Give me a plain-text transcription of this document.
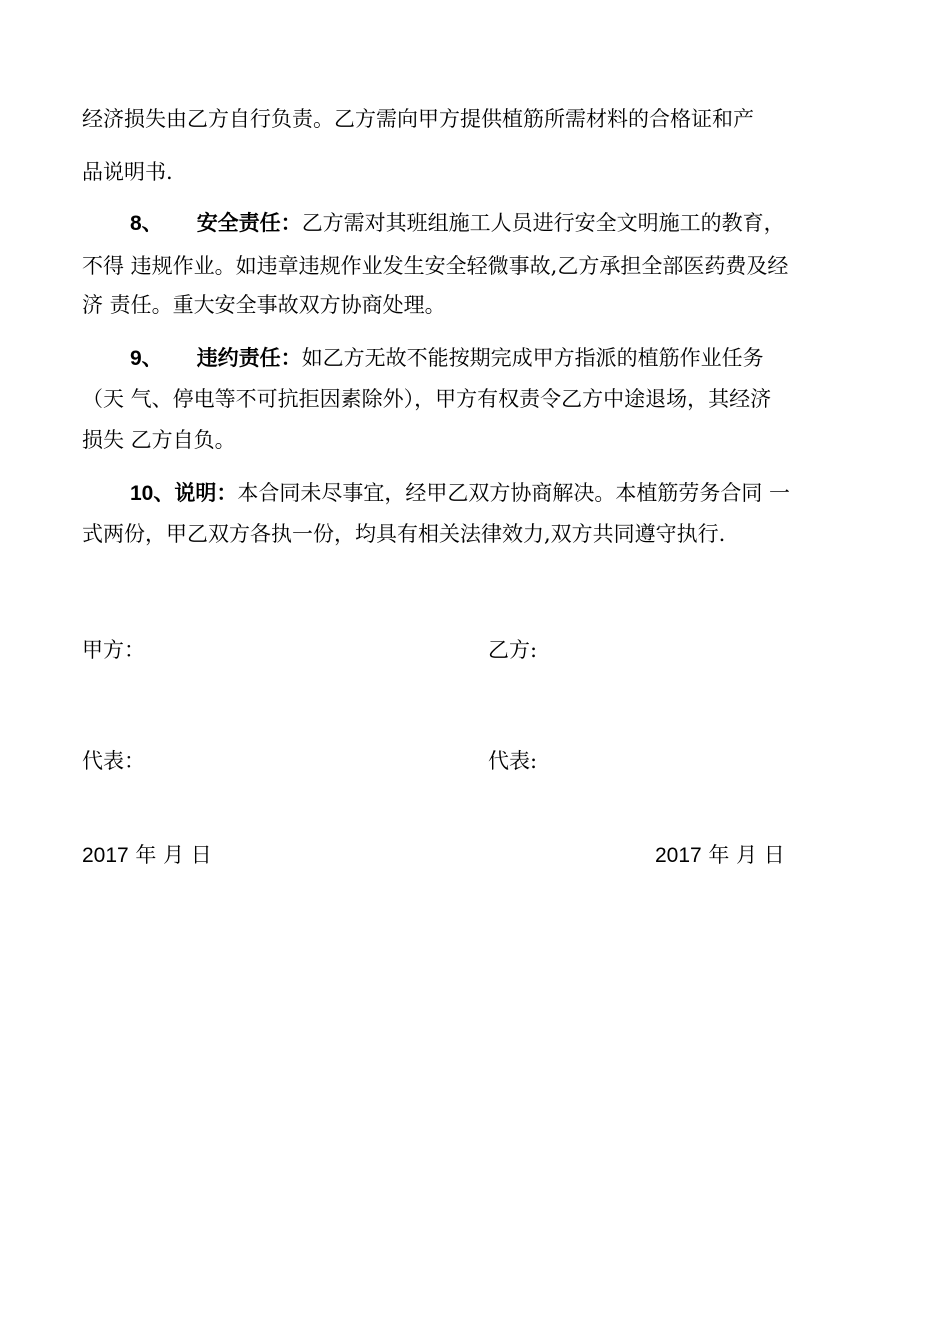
经济损失由乙方自行负责。乙方需向甲方提供植筋所需材料的合格证和产
品说明书.
8、 安全责任：乙方需对其班组施工人员进行安全文明施工的教育，
不得 违规作业。如违章违规作业发生安全轻微事故,乙方承担全部医药费及经
济 责任。重大安全事故双方协商处理。
9、 违约责任：如乙方无故不能按期完成甲方指派的植筋作业任务
（天 气、停电等不可抗拒因素除外），甲方有权责令乙方中途退场，其经济
损失 乙方自负。
10、说明：本合同未尽事宜，经甲乙双方协商解决。本植筋劳务合同 一
式两份，甲乙双方各执一份，均具有相关法律效力,双方共同遵守执行.
甲方：	乙方:
代表：	代表:
2017 年 月 日	2017 年 月 日
